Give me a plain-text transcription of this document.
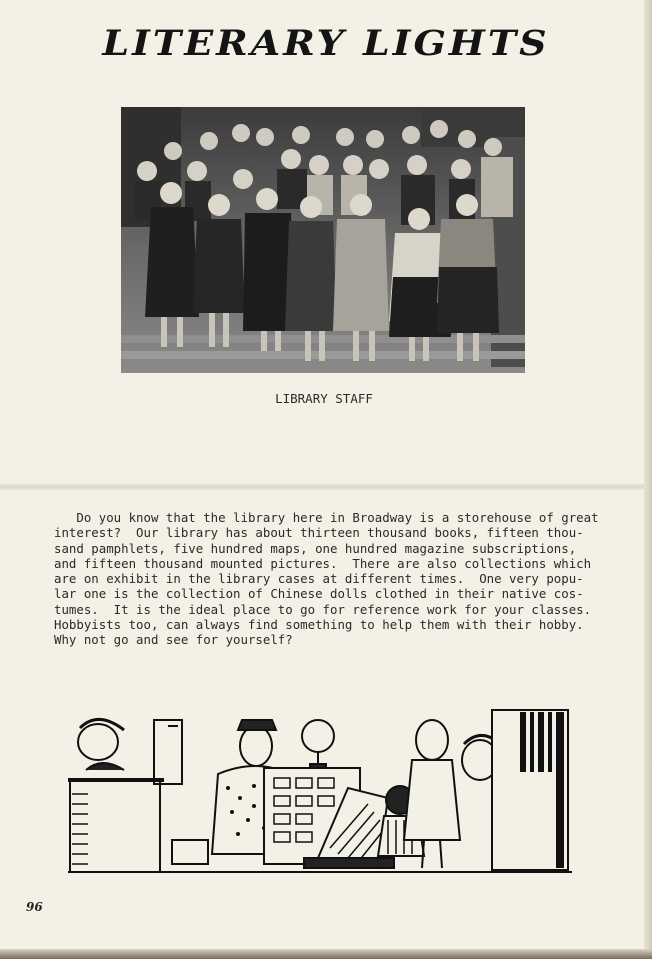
LITERARY LIGHTS
LIBRARY STAFF

Do you know that the library here in Broadway is a storehouse of great

interest?  Our library has about thirteen thousand books, fifteen thou-

sand pamphlets, five hundred maps, one hundred magazine subscriptions,

and fifteen thousand mounted pictures.  There are also collections which

are on exhibit in the library cases at different times.  One very popu-

lar one is the collection of Chinese dolls clothed in their native cos-

tumes.  It is the ideal place to go for reference work for your classes.

Hobbyists too, can always find something to help them with their hobby.

Why not go and see for yourself?

96
